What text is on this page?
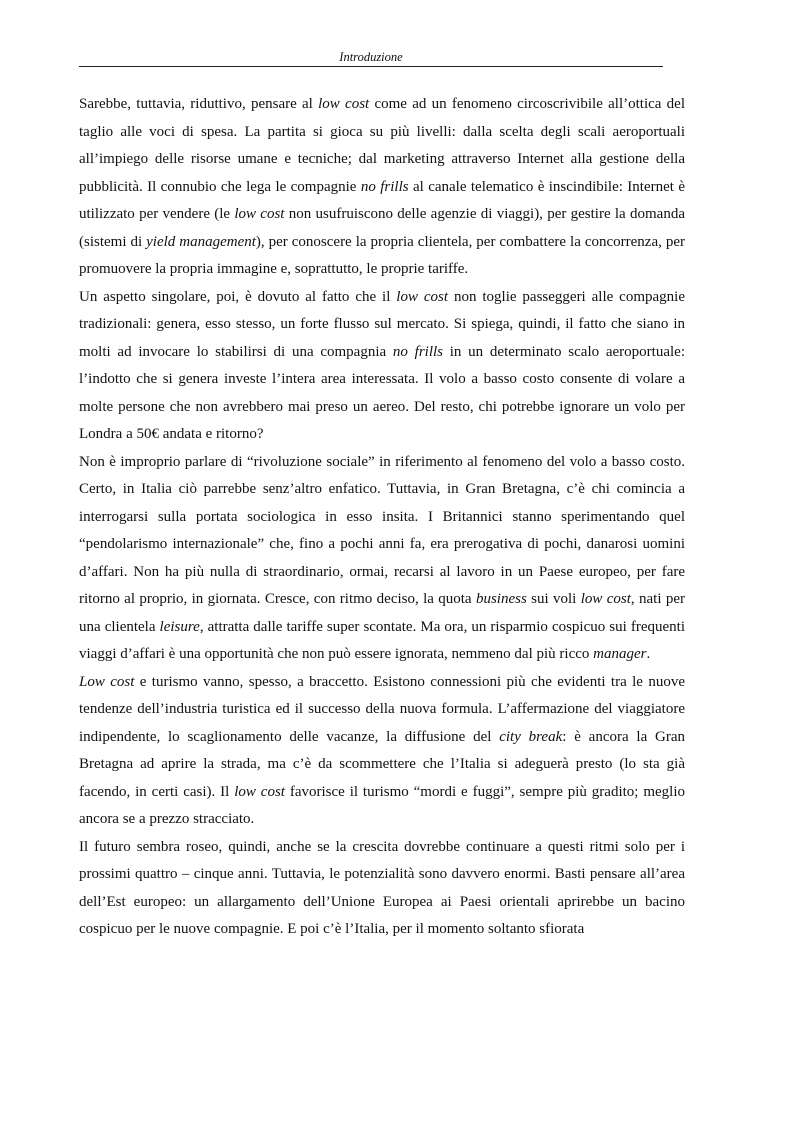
Introduzione

Sarebbe, tuttavia, riduttivo, pensare al low cost come ad un fenomeno circoscrivibile all’ottica del taglio alle voci di spesa. La partita si gioca su più livelli: dalla scelta degli scali aeroportuali all’impiego delle risorse umane e tecniche; dal marketing attraverso Internet alla gestione della pubblicità. Il connubio che lega le compagnie no frills al canale telematico è inscindibile: Internet è utilizzato per vendere (le low cost non usufruiscono delle agenzie di viaggi), per gestire la domanda (sistemi di yield management), per conoscere la propria clientela, per combattere la concorrenza, per promuovere la propria immagine e, soprattutto, le proprie tariffe.

Un aspetto singolare, poi, è dovuto al fatto che il low cost non toglie passeggeri alle compagnie tradizionali: genera, esso stesso, un forte flusso sul mercato. Si spiega, quindi, il fatto che siano in molti ad invocare lo stabilirsi di una compagnia no frills in un determinato scalo aeroportuale: l’indotto che si genera investe l’intera area interessata. Il volo a basso costo consente di volare a molte persone che non avrebbero mai preso un aereo. Del resto, chi potrebbe ignorare un volo per Londra a 50€ andata e ritorno?

Non è improprio parlare di “rivoluzione sociale” in riferimento al fenomeno del volo a basso costo. Certo, in Italia ciò parrebbe senz’altro enfatico. Tuttavia, in Gran Bretagna, c’è chi comincia a interrogarsi sulla portata sociologica in esso insita. I Britannici stanno sperimentando quel “pendolarismo internazionale” che, fino a pochi anni fa, era prerogativa di pochi, danarosi uomini d’affari. Non ha più nulla di straordinario, ormai, recarsi al lavoro in un Paese europeo, per fare ritorno al proprio, in giornata. Cresce, con ritmo deciso, la quota business sui voli low cost, nati per una clientela leisure, attratta dalle tariffe super scontate. Ma ora, un risparmio cospicuo sui frequenti viaggi d’affari è una opportunità che non può essere ignorata, nemmeno dal più ricco manager.

Low cost e turismo vanno, spesso, a braccetto. Esistono connessioni più che evidenti tra le nuove tendenze dell’industria turistica ed il successo della nuova formula. L’affermazione del viaggiatore indipendente, lo scaglionamento delle vacanze, la diffusione del city break: è ancora la Gran Bretagna ad aprire la strada, ma c’è da scommettere che l’Italia si adeguerà presto (lo sta già facendo, in certi casi). Il low cost favorisce il turismo “mordi e fuggi”, sempre più gradito; meglio ancora se a prezzo stracciato.

Il futuro sembra roseo, quindi, anche se la crescita dovrebbe continuare a questi ritmi solo per i prossimi quattro – cinque anni. Tuttavia, le potenzialità sono davvero enormi. Basti pensare all’area dell’Est europeo: un allargamento dell’Unione Europea ai Paesi orientali aprirebbe un bacino cospicuo per le nuove compagnie. E poi c’è l’Italia, per il momento soltanto sfiorata
